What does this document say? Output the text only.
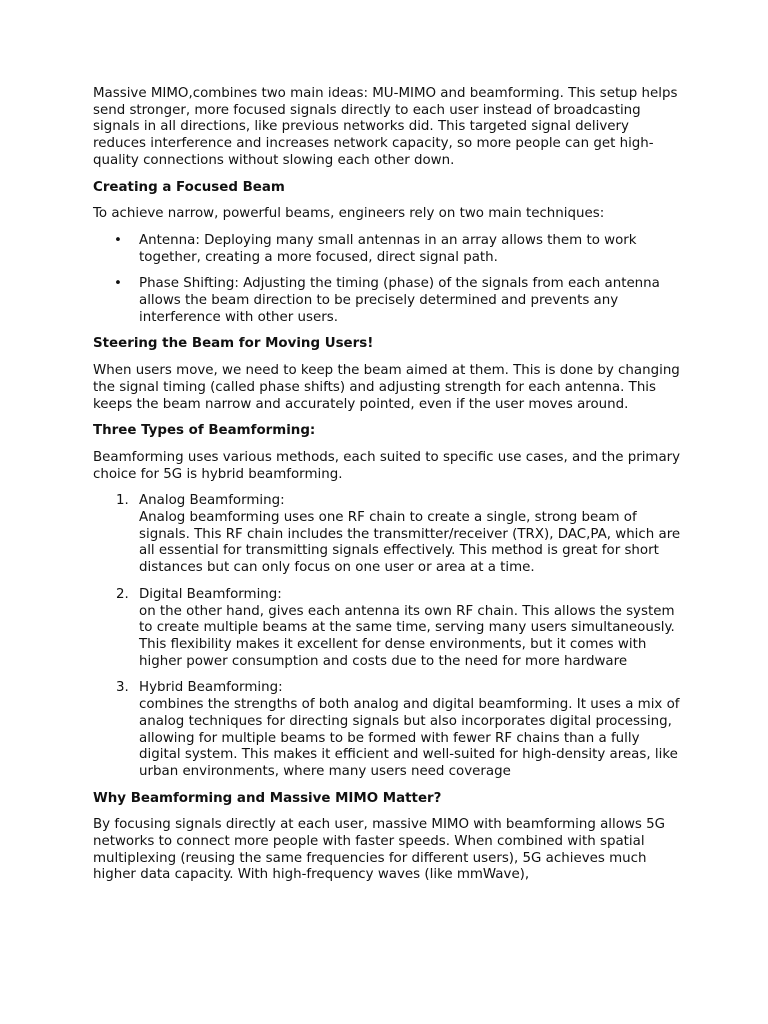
Massive MIMO,combines two main ideas: MU-MIMO and beamforming. This setup helps send stronger, more focused signals directly to each user instead of broadcasting signals in all directions, like previous networks did. This targeted signal delivery reduces interference and increases network capacity, so more people can get high-quality connections without slowing each other down.

Creating a Focused Beam

To achieve narrow, powerful beams, engineers rely on two main techniques:

• Antenna: Deploying many small antennas in an array allows them to work together, creating a more focused, direct signal path.
• Phase Shifting: Adjusting the timing (phase) of the signals from each antenna allows the beam direction to be precisely determined and prevents any interference with other users.
Steering the Beam for Moving Users!

When users move, we need to keep the beam aimed at them. This is done by changing the signal timing (called phase shifts) and adjusting strength for each antenna. This keeps the beam narrow and accurately pointed, even if the user moves around.

Three Types of Beamforming:

Beamforming uses various methods, each suited to specific use cases, and the primary choice for 5G is hybrid beamforming.

1. Analog Beamforming:
Analog beamforming uses one RF chain to create a single, strong beam of signals. This RF chain includes the transmitter/receiver (TRX), DAC,PA, which are all essential for transmitting signals effectively. This method is great for short distances but can only focus on one user or area at a time.
2. Digital Beamforming:
on the other hand, gives each antenna its own RF chain. This allows the system to create multiple beams at the same time, serving many users simultaneously. This flexibility makes it excellent for dense environments, but it comes with higher power consumption and costs due to the need for more hardware
3. Hybrid Beamforming:
combines the strengths of both analog and digital beamforming. It uses a mix of analog techniques for directing signals but also incorporates digital processing, allowing for multiple beams to be formed with fewer RF chains than a fully digital system. This makes it efficient and well-suited for high-density areas, like urban environments, where many users need coverage
Why Beamforming and Massive MIMO Matter?

By focusing signals directly at each user, massive MIMO with beamforming allows 5G networks to connect more people with faster speeds. When combined with spatial multiplexing (reusing the same frequencies for different users), 5G achieves much higher data capacity. With high-frequency waves (like mmWave),
